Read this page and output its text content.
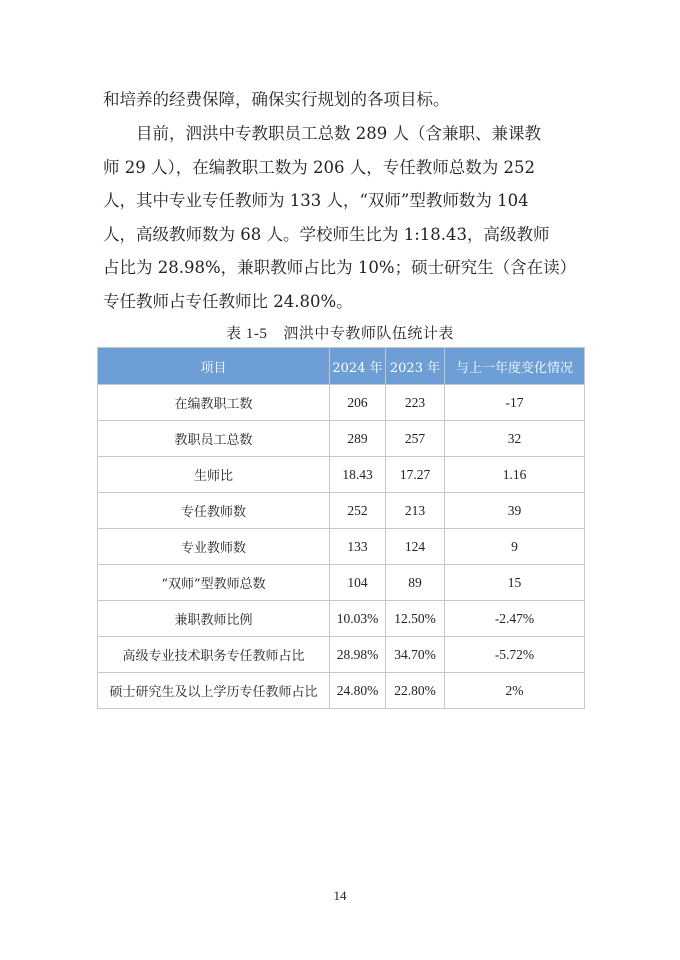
和培养的经费保障，确保实行规划的各项目标。
目前，泗洪中专教职员工总数 289 人（含兼职、兼课教
师 29 人），在编教职工数为 206 人，专任教师总数为 252
人，其中专业专任教师为 133 人，“双师”型教师数为 104
人，高级教师数为 68 人。学校师生比为 1:18.43，高级教师
占比为 28.98%，兼职教师占比为 10%；硕士研究生（含在读）
专任教师占专任教师比 24.80%。
表 1-5 泗洪中专教师队伍统计表
项目	2024 年	2023 年	与上一年度变化情况
在编教职工数	206	223	-17
教职员工总数	289	257	32
生师比	18.43	17.27	1.16
专任教师数	252	213	39
专业教师数	133	124	9
“双师”型教师总数	104	89	15
兼职教师比例	10.03%	12.50%	-2.47%
高级专业技术职务专任教师占比	28.98%	34.70%	-5.72%
硕士研究生及以上学历专任教师占比	24.80%	22.80%	2%
14
